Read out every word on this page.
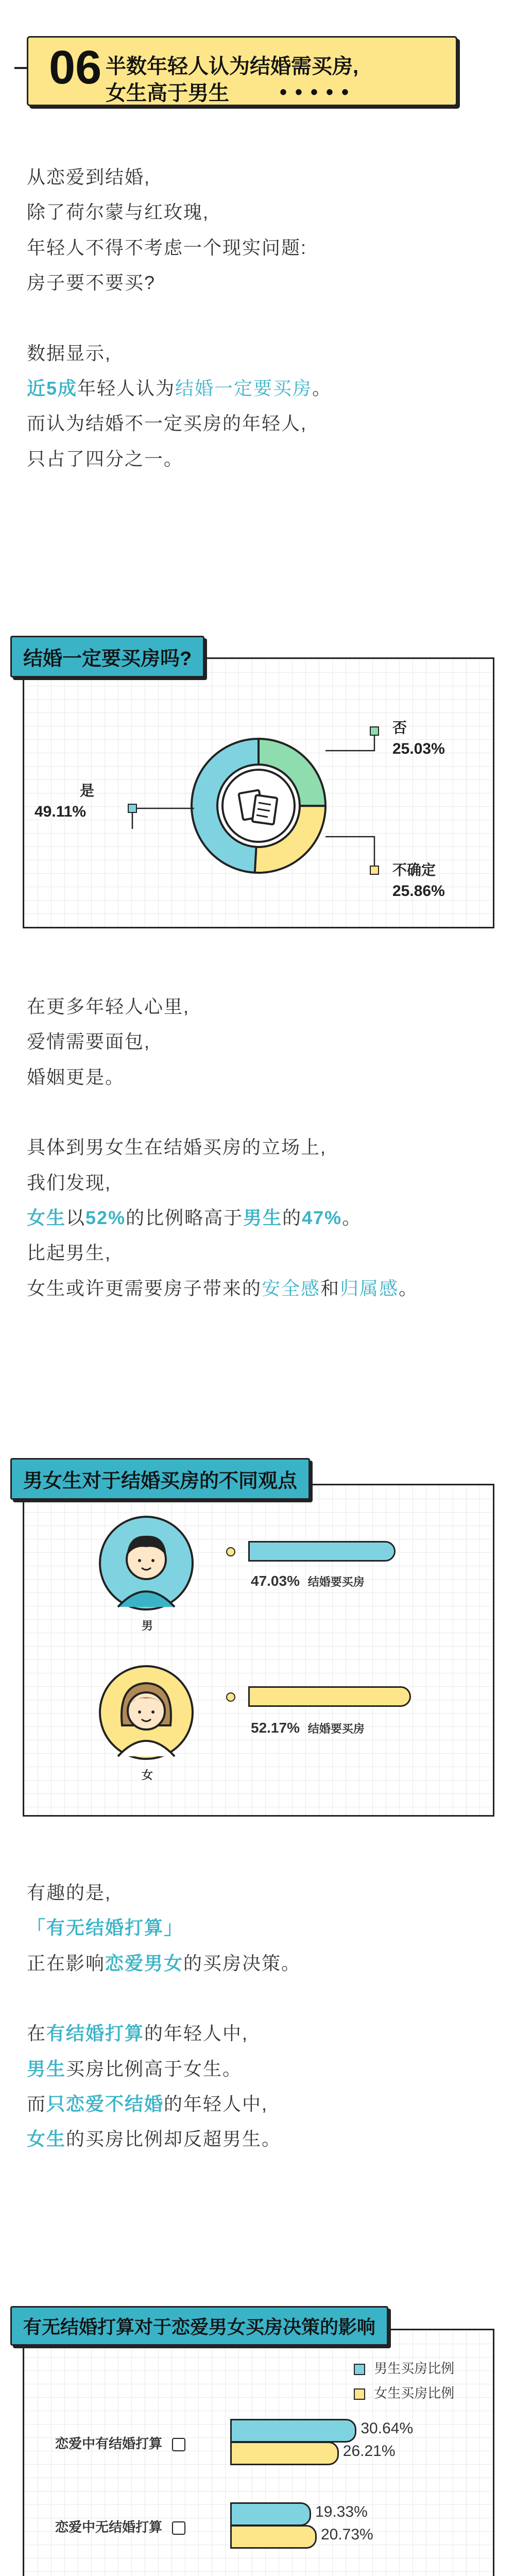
06 半数年轻人认为结婚需买房,
女生高于男生 •••••
从恋爱到结婚,
除了荷尔蒙与红玫瑰,
年轻人不得不考虑一个现实问题:
房子要不要买?
数据显示,
近5成年轻人认为结婚一定要买房。
而认为结婚不一定买房的年轻人,
只占了四分之一。
是
49.11%
否
25.03%
不确定
25.86%
结婚一定要买房吗?
在更多年轻人心里,
爱情需要面包,
婚姻更是。
具体到男女生在结婚买房的立场上,
我们发现,
女生以52%的比例略高于男生的47%。
比起男生,
女生或许更需要房子带来的安全感和归属感。
男
女
47.03% 结婚要买房
52.17% 结婚要买房
男女生对于结婚买房的不同观点
有趣的是,
「有无结婚打算」
正在影响恋爱男女的买房决策。
在有结婚打算的年轻人中,
男生买房比例高于女生。
而只恋爱不结婚的年轻人中,
女生的买房比例却反超男生。
男生买房比例
女生买房比例
恋爱中有结婚打算
30.64%
26.21%
恋爱中无结婚打算
19.33%
20.73%
有无结婚打算对于恋爱男女买房决策的影响
